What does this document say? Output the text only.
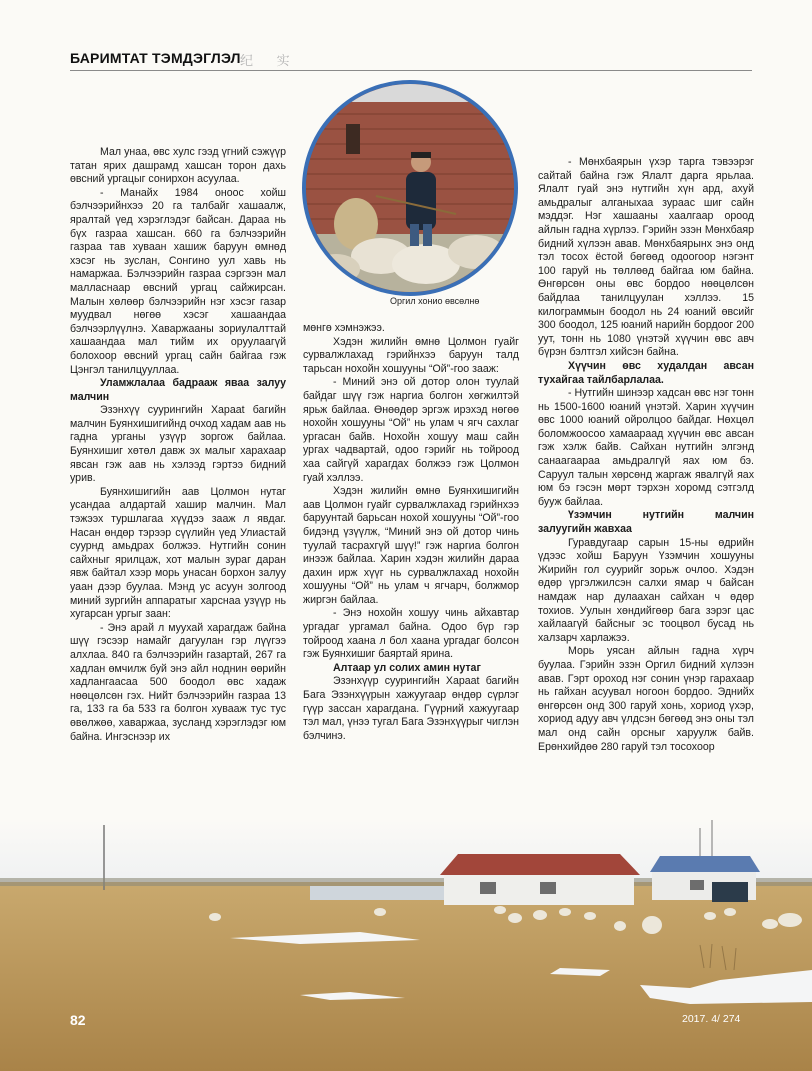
БАРИМТАТ ТЭМДЭГЛЭЛ 纪 实
Оргил хонио өвсөлнө

Мал унаа, өвс хулс гээд үгний сэжүүр татан ярих дашрамд хашсан торон дахь өвсний ургацыг сонирхон асуулаа.

- Манайх 1984 оноос хойш бэлчээрийнхээ 20 га талбайг хашаалж, яралтай үед хэрэглэдэг байсан. Дараа нь бүх газраа хашсан. 660 га бэлчээрийн газраа тав хуваан хашиж баруун өмнөд хэсэг нь зуслан, Сонгино уул хавь нь намаржаа. Бэлчээрийн газраа сэргээн мал малласнаар өвсний ургац сайжирсан. Малын хөлөөр бэлчээрийн нэг хэсэг газар муудвал нөгөө хэсэг хашаандаа бэлчээрлүүлнэ. Хаваржааны зориулалттай хашаандаа мал тийм их оруулаагүй болохоор өвсний ургац сайн байгаа гэж Цэнгэл танилцууллаа.

Уламжлалаа бадрааж яваа залуу малчин

Эзэнхүү суурингийн Харааt багийн малчин Буянхишигийнд очход хадам аав нь гадна урганы узүүр зоргож байлаа. Буянхишиг хөтөл давж эх малыг харахаар явсан гэж аав нь хэлээд гэртээ бидний урив.

Буянхишигийн аав Цолмон нутаг усандаа алдартай хашир малчин. Мал тэжээх туршлагаа хүүдээ зааж л явдаг. Насан өндөр тэрээр сүүлийн үед Улиастай суурнд амьдрах болжээ. Нутгийн сонин сайхныг ярилцаж, хот малын зураг даран явж байтал хээр морь унасан борхон залуу уаан дээр буулаа. Мэнд ус асуун золгоод миний зургийн аппаратыг харснаа узүүр нь хугарсан ургыг заан:

- Энэ арай л муухай харагдаж байна шүү гэсээр намайг дагуулан гэр лүүгээ алхлаа. 840 га бэлчээрийн газартай, 267 га хадлан өмчилж буй энэ айл ноднин өөрийн хадлангаасаа 500 боодол өвс хадаж нөөцөлсөн гэх. Нийт бэлчээрийн газраа 13 га, 133 га ба 533 га болгон хувааж тус тус өвөлжөө, хаваржаа, зусланд хэрэглэдэг юм байна. Ингэснээр их

мөнгө хэмнэжээ.

Хэдэн жилийн өмнө Цолмон гуайг сурвалжлахад гэрийнхээ баруун талд тарьсан нохойн хошууны “Ой”-гоо зааж:

- Миний энэ ой дотор олон туулай байдаг шүү гэж наргиа болгон хөгжилтэй ярьж байлаа. Өнөөдөр эргэж ирэхэд нөгөө нохойн хошууны “Ой” нь улам ч ягч сахлаг ургасан байв. Нохойн хошуу маш сайн ургах чадвартай, одоо гэрийг нь тойроод хаа сайгүй харагдах болжээ гэж Цолмон гуай хэллээ.

Хэдэн жилийн өмнө Буянхишигийн аав Цолмон гуайг сурвалжлахад гэрийнхээ баруунтай барьсан нохой хошууны “Ой”-гоо бидэнд үзүүлж, “Миний энэ ой дотор чинь туулай тасрахгүй шүү!” гэж наргиа болгон инээж байлаа. Харин хэдэн жилийн дараа дахин ирж хүүг нь сурвалжлахад нохойн хошууны “Ой” нь улам ч ягчарч, болжмор жиргэн байлаа.

- Энэ нохойн хошуу чинь айхавтар ургадаг ургамал байна. Одоо бүр гэр тойроод хаана л бол хаана ургадаг болсон гэж Буянхишиг баяртай ярина.

Алтаар ул солих амин нутаг

Эзэнхүүр суурингийн Харааt багийн Бага Эзэнхүүрын хажуугаар өндөр сүрлэг гүүр зассан харагдана. Гүүрний хажуугаар тэл мал, үнээ тугал Бага Эзэнхүүрыг чиглэн бэлчинэ.

- Мөнхбаярын үхэр тарга тэвээрэг сайтай байна гэж Ялалт дарга ярьлаа. Ялалт гуай энэ нутгийн хүн ард, ахуй амьдралыг алганыхаа зураас шиг сайн мэддэг. Нэг хашааны хаалгаар ороод айлын гадна хүрлээ. Гэрийн эзэн Мөнхбаяр бидний хүлээн авав. Мөнхбаярынх энэ онд тэл тосох ёстой бөгөөд одоогоор нэгэнт 100 гаруй нь төллөөд байгаа юм байна. Өнгөрсөн оны өвс бордоо нөөцөлсөн байдлаа танилцуулан хэллээ. 15 килограммын боодол нь 24 юаний өвсийг 300 боодол, 125 юаний нарийн бордоог 200 уут, тонн нь 1080 үнэтэй хүүчин өвс авч бүрэн бэлтгэл хийсэн байна.

Хүүчин өвс худалдан авсан тухайгаа тайлбарлалаа.

- Нутгийн шинээр хадсан өвс нэг тонн нь 1500-1600 юаний үнэтэй. Харин хүүчин өвс 1000 юаний ойролцоо байдаг. Нөхцөл боломжоосоо хамаараад хүүчин өвс авсан гэж хэлж байв. Сайхан нутгийн элгэнд санаагаараа амьдралгүй яах юм бэ. Саруул талын хөрсөнд жаргаж явалгүй яах юм бэ гэсэн мөрт тэрхэн хоромд сэтгэлд бууж байлаа.

Үзэмчин нутгийн малчин залуугийн жавхаа

Гуравдугаар сарын 15-ны өдрийн үдээс хойш Баруун Үзэмчин хошууны Жирийн гол суурийг зорьж очлоо. Хэдэн өдөр үргэлжилсэн салхи ямар ч байсан намдаж нар дулаахан сайхан ч өдөр тохиов. Уулын хөндийгөөр бага зэрэг цас хайлаагүй байсныг эс тооцвол бусад нь халзарч харлажээ.

Морь уясан айлын гадна хүрч буулаа. Гэрийн эзэн Оргил бидний хүлээн авав. Гэрт ороход нэг сонин үнэр гарахаар нь гайхан асуувал ногоон бордоо. Эднийх өнгөрсөн онд 300 гаруй хонь, хориод үхэр, хориод адуу авч үлдсэн бөгөөд энэ оны тэл мал онд сайн орсныг харуулж байв. Ерөнхийдөө 280 гаруй тэл тосохоор

82	2017. 4/ 274
